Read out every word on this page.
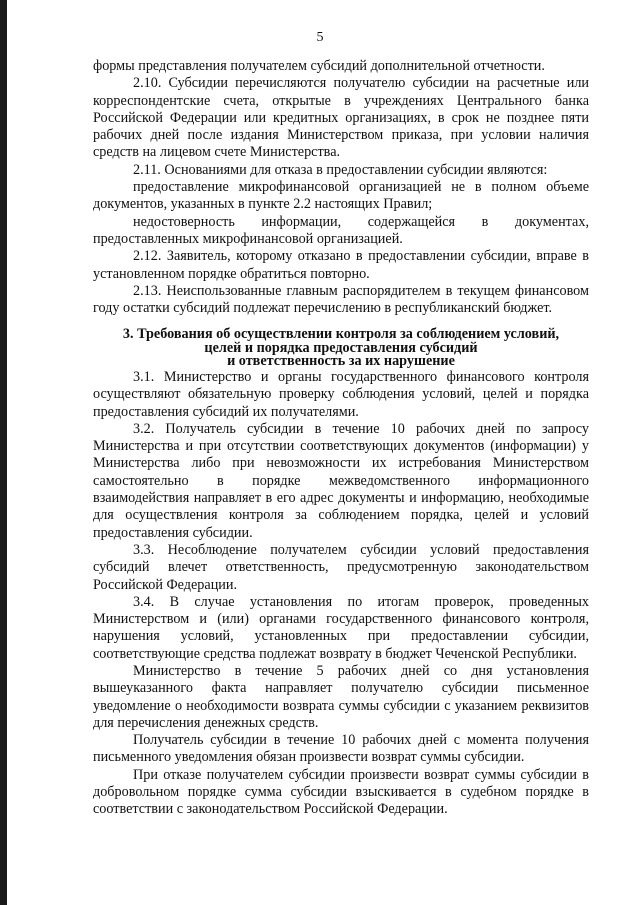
5

формы представления получателем субсидий дополнительной отчетности.

2.10. Субсидии перечисляются получателю субсидии на расчетные или корреспондентские счета, открытые в учреждениях Центрального банка Российской Федерации или кредитных организациях, в срок не позднее пяти рабочих дней после издания Министерством приказа, при условии наличия средств на лицевом счете Министерства.

2.11. Основаниями для отказа в предоставлении субсидии являются:

предоставление микрофинансовой организацией не в полном объеме документов, указанных в пункте 2.2 настоящих Правил;

недостоверность информации, содержащейся в документах, предоставленных микрофинансовой организацией.

2.12. Заявитель, которому отказано в предоставлении субсидии, вправе в установленном порядке обратиться повторно.

2.13. Неиспользованные главным распорядителем в текущем финансовом году остатки субсидий подлежат перечислению в республиканский бюджет.

3. Требования об осуществлении контроля за соблюдением условий,
целей и порядка предоставления субсидий
и ответственность за их нарушение

3.1. Министерство и органы государственного финансового контроля осуществляют обязательную проверку соблюдения условий, целей и порядка предоставления субсидий их получателями.

3.2. Получатель субсидии в течение 10 рабочих дней по запросу Министерства и при отсутствии соответствующих документов (информации) у Министерства либо при невозможности их истребования Министерством самостоятельно в порядке межведомственного информационного взаимодействия направляет в его адрес документы и информацию, необходимые для осуществления контроля за соблюдением порядка, целей и условий предоставления субсидии.

3.3. Несоблюдение получателем субсидии условий предоставления субсидий влечет ответственность, предусмотренную законодательством Российской Федерации.

3.4. В случае установления по итогам проверок, проведенных Министерством и (или) органами государственного финансового контроля, нарушения условий, установленных при предоставлении субсидии, соответствующие средства подлежат возврату в бюджет Чеченской Республики.

Министерство в течение 5 рабочих дней со дня установления вышеуказанного факта направляет получателю субсидии письменное уведомление о необходимости возврата суммы субсидии с указанием реквизитов для перечисления денежных средств.

Получатель субсидии в течение 10 рабочих дней с момента получения письменного уведомления обязан произвести возврат суммы субсидии.

При отказе получателем субсидии произвести возврат суммы субсидии в добровольном порядке сумма субсидии взыскивается в судебном порядке в соответствии с законодательством Российской Федерации.
